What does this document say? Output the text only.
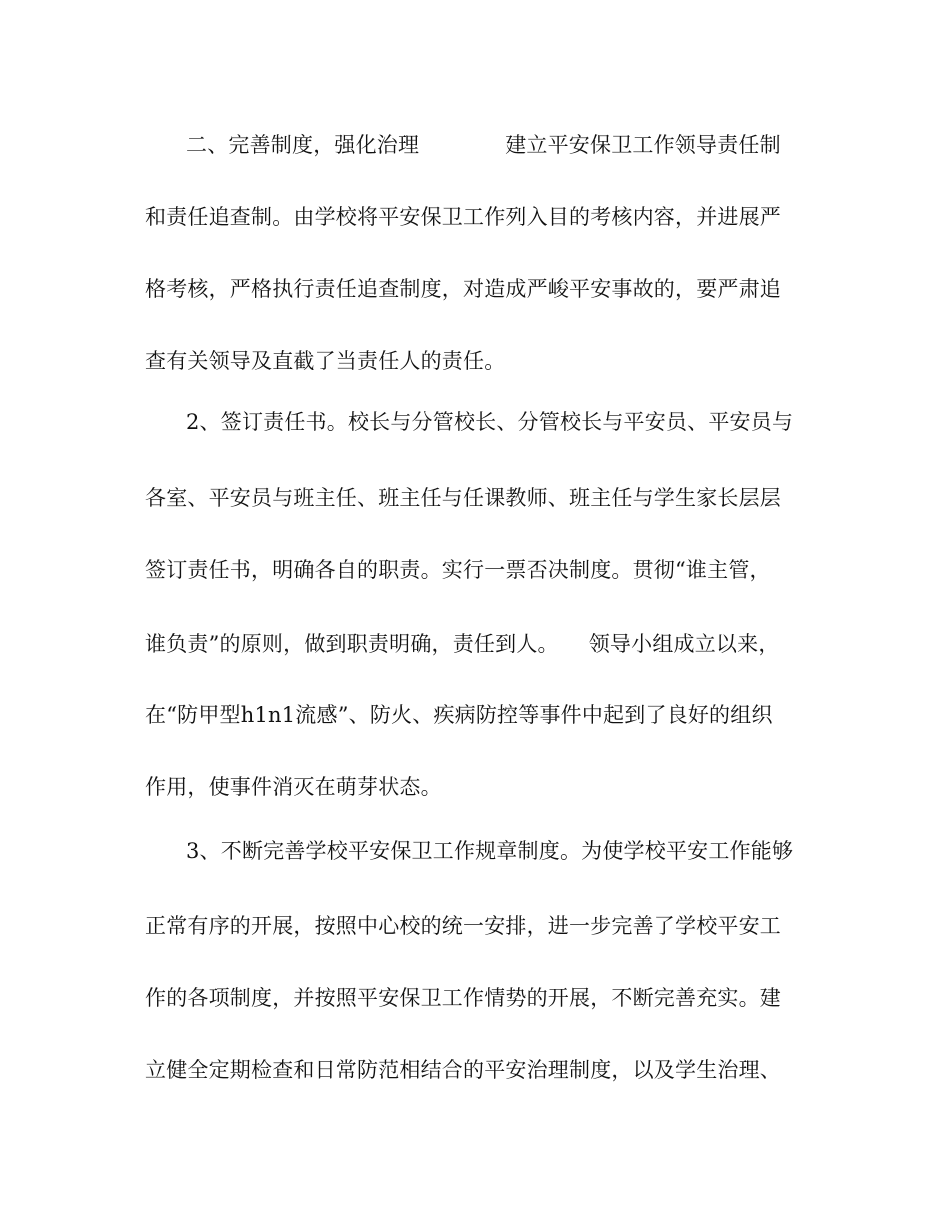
二、完善制度，强化治理	建立平安保卫工作领导责任制
和责任追查制。由学校将平安保卫工作列入目的考核内容，并进展严
格考核，严格执行责任追查制度，对造成严峻平安事故的，要严肃追
查有关领导及直截了当责任人的责任。
2、签订责任书。校长与分管校长、分管校长与平安员、平安员与
各室、平安员与班主任、班主任与任课教师、班主任与学生家长层层
签订责任书，明确各自的职责。实行一票否决制度。贯彻“谁主管，
谁负责”的原则，做到职责明确，责任到人。 领导小组成立以来，
在“防甲型h1n1流感”、防火、疾病防控等事件中起到了良好的组织
作用，使事件消灭在萌芽状态。
3、不断完善学校平安保卫工作规章制度。为使学校平安工作能够
正常有序的开展，按照中心校的统一安排，进一步完善了学校平安工
作的各项制度，并按照平安保卫工作情势的开展，不断完善充实。建
立健全定期检查和日常防范相结合的平安治理制度，以及学生治理、
